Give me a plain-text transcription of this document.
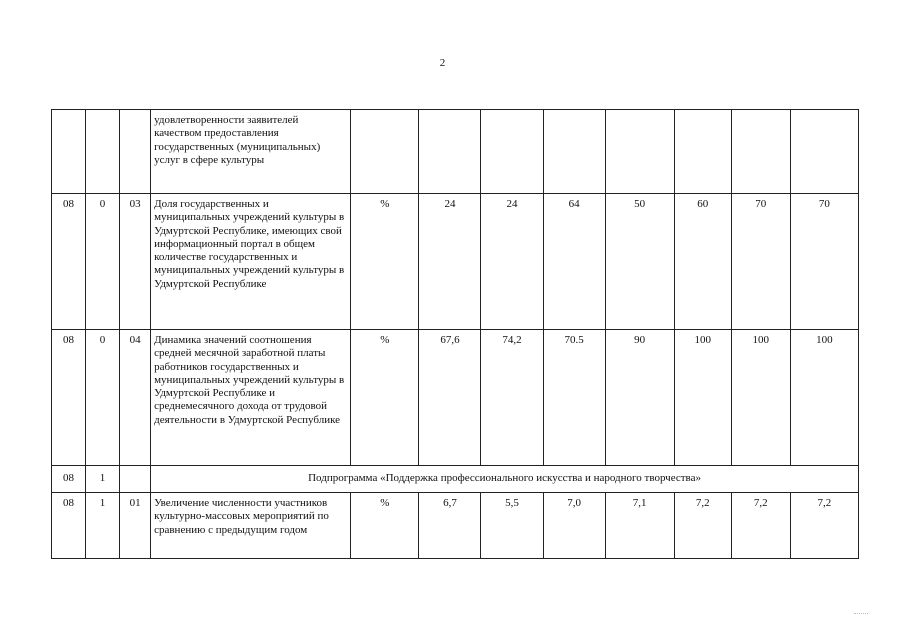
2
			удовлетворенности заявителей качеством предоставления государственных (муниципальных) услуг в сфере культуры								
08	0	03	Доля государственных и муниципальных учреждений культуры в Удмуртской Республике, имеющих свой информационный портал в общем количестве государственных и муниципальных учреждений культуры в Удмуртской Республике	%	24	24	64	50	60	70	70
08	0	04	Динамика значений соотношения средней месячной заработной платы работников государственных и муниципальных учреждений культуры в Удмуртской Республике и среднемесячного дохода от трудовой деятельности в Удмуртской Республике	%	67,6	74,2	70.5	90	100	100	100
08	1		Подпрограмма «Поддержка профессионального искусства и народного творчества»								
08	1	01	Увеличение численности участников культурно-массовых мероприятий по сравнению с предыдущим годом	%	6,7	5,5	7,0	7,1	7,2	7,2	7,2
